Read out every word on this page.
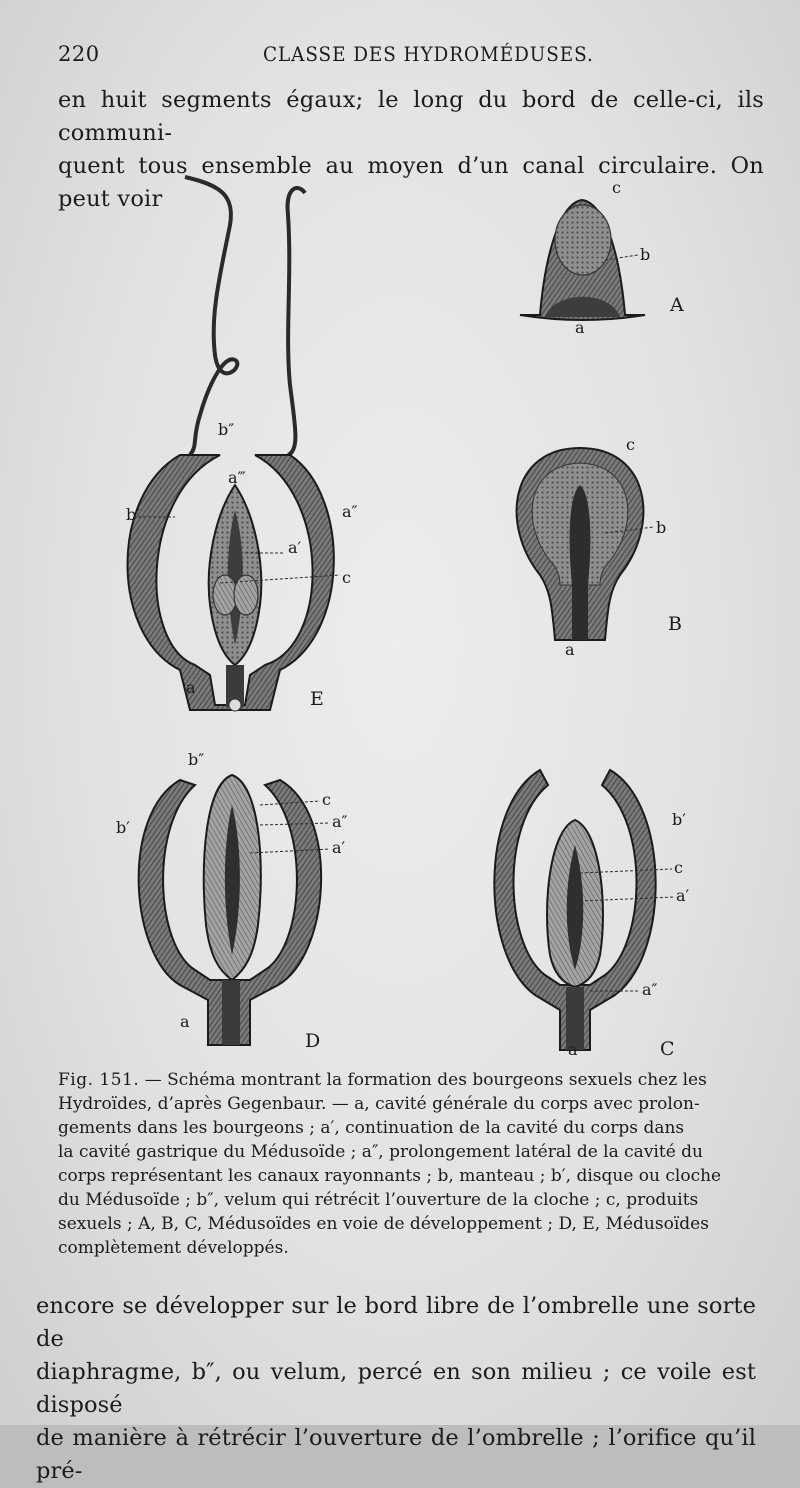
220	CLASSE DES HYDROMÉDUSES.
en huit segments égaux; le long du bord de celle-ci, ils communi-
quent tous ensemble au moyen d’un canal circulaire. On peut voir
b″
a‴
b′	a″
a′
c
a
E
c
b
a
A
c
b
a
B
b″
b′
c
a″
a′
a
D
b′
c
a′
a″
a	C
Fig. 151. — Schéma montrant la formation des bourgeons sexuels chez les
Hydroïdes, d’après Gegenbaur. — a, cavité générale du corps avec prolon-
gements dans les bourgeons ; a′, continuation de la cavité du corps dans
la cavité gastrique du Médusoïde ; a″, prolongement latéral de la cavité du
corps représentant les canaux rayonnants ; b, manteau ; b′, disque ou cloche
du Médusoïde ; b″, velum qui rétrécit l’ouverture de la cloche ; c, produits
sexuels ; A, B, C, Médusoïdes en voie de développement ; D, E, Médusoïdes
complètement développés.
encore se développer sur le bord libre de l’ombrelle une sorte de
diaphragme, b″, ou velum, percé en son milieu ; ce voile est disposé
de manière à rétrécir l’ouverture de l’ombrelle ; l’orifice qu’il pré-
